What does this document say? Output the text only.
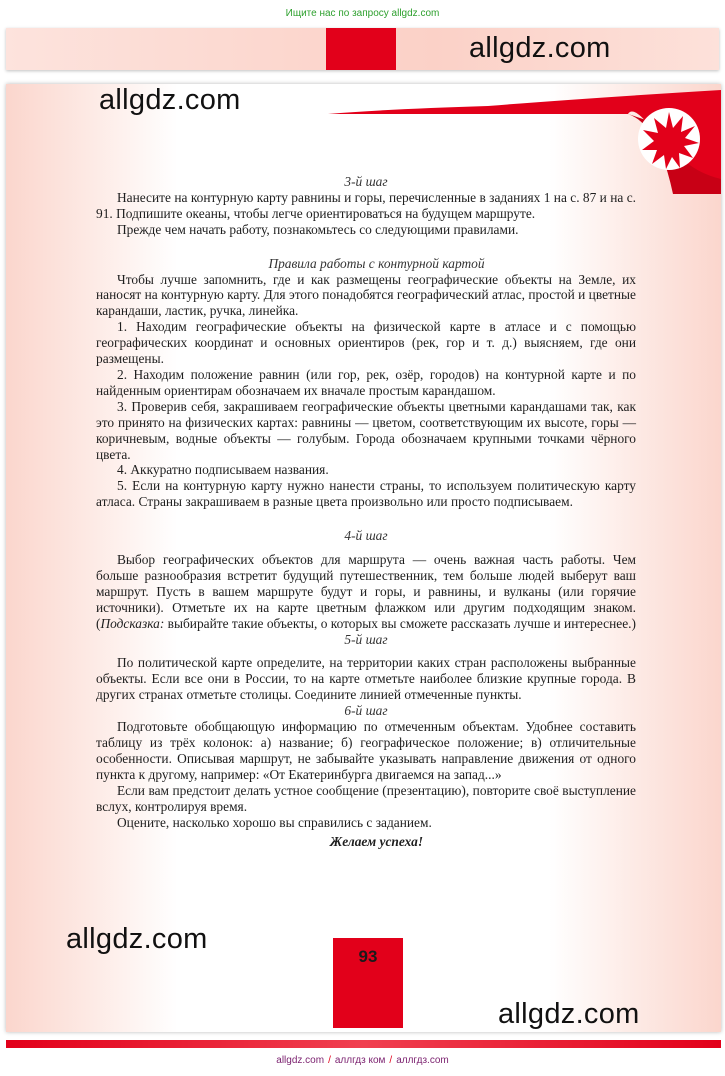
Ищите нас по запросу allgdz.com
allgdz.com
ЛИТОСФЕРА — ТВЁРДАЯ ОБОЛОЧКА
ЗЕМЛИ
allgdz.com

3-й шаг

Нанесите на контурную карту равнины и горы, перечисленные в заданиях 1 на с. 87 и на с. 91. Подпишите океаны, чтобы легче ориентироваться на будущем маршруте.

Прежде чем начать работу, познакомьтесь со следующими правилами.

Правила работы с контурной картой

Чтобы лучше запомнить, где и как размещены географические объекты на Земле, их наносят на контурную карту. Для этого понадобятся географический атлас, простой и цветные карандаши, ластик, ручка, линейка.

1. Находим географические объекты на физической карте в атласе и с помощью географических координат и основных ориентиров (рек, гор и т. д.) выясняем, где они размещены.

2. Находим положение равнин (или гор, рек, озёр, городов) на контурной карте и по найденным ориентирам обозначаем их вначале простым карандашом.

3. Проверив себя, закрашиваем географические объекты цветными карандашами так, как это принято на физических картах: равнины — цветом, соответствующим их высоте, горы — коричневым, водные объекты — голубым. Города обозначаем крупными точками чёрного цвета.

4. Аккуратно подписываем названия.

5. Если на контурную карту нужно нанести страны, то используем политическую карту атласа. Страны закрашиваем в разные цвета произвольно или просто подписываем.

4-й шаг

Выбор географических объектов для маршрута — очень важная часть работы. Чем больше разнообразия встретит будущий путешественник, тем больше людей выберут ваш маршрут. Пусть в вашем маршруте будут и горы, и равнины, и вулканы (или горячие источники). Отметьте их на карте цветным флажком или другим подходящим знаком. (Подсказка: выбирайте такие объекты, о которых вы сможете рассказать лучше и интереснее.)

5-й шаг

По политической карте определите, на территории каких стран расположены выбранные объекты. Если все они в России, то на карте отметьте наиболее близкие крупные города. В других странах отметьте столицы. Соедините линией отмеченные пункты.

6-й шаг

Подготовьте обобщающую информацию по отмеченным объектам. Удобнее составить таблицу из трёх колонок: а) название; б) географическое положение; в) отличительные особенности. Описывая маршрут, не забывайте указывать направление движения от одного пункта к другому, например: «От Екатеринбурга двигаемся на запад...»

Если вам предстоит делать устное сообщение (презентацию), повторите своё выступление вслух, контролируя время.

Оцените, насколько хорошо вы справились с заданием.

Желаем успеха!

allgdz.com
93
allgdz.com
allgdz.com / аллгдз ком / аллгдз.com
